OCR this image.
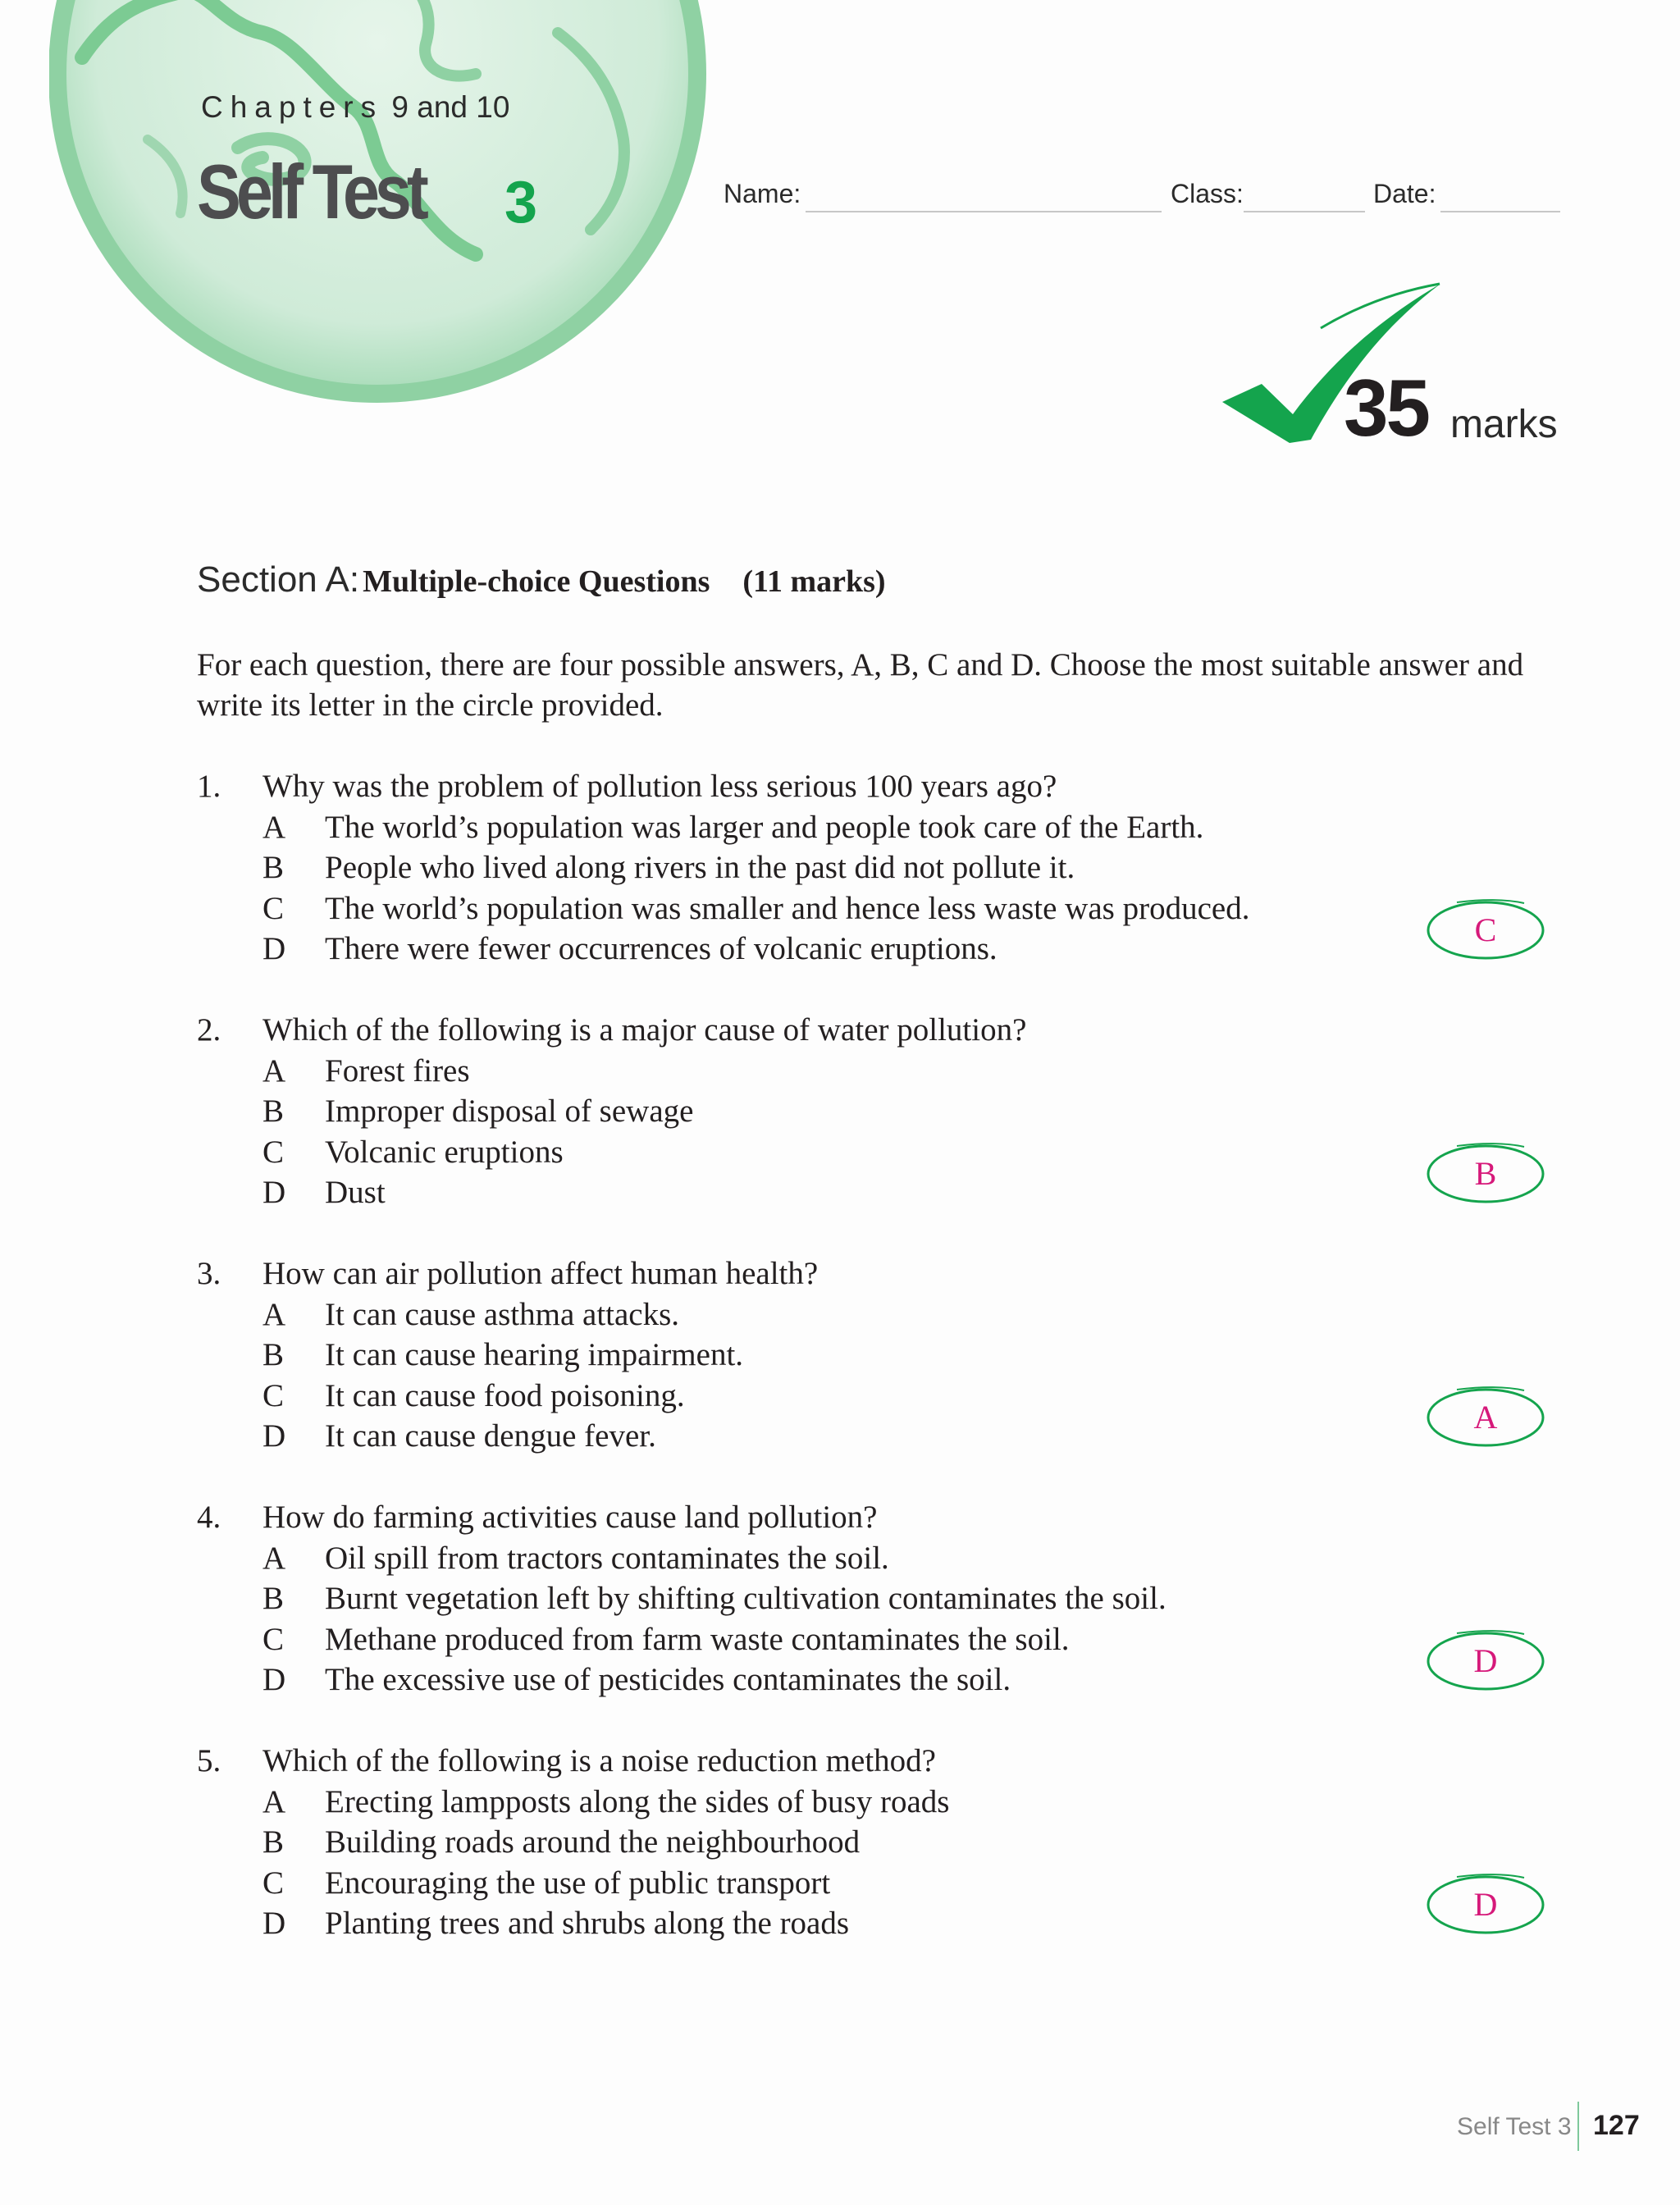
Chapters 9 and 10
Self Test 3	Name:	Class:	Date:
35 marks
Section A: Multiple-choice Questions (11 marks)
For each question, there are four possible answers, A, B, C and D. Choose the most suitable answer and write its letter in the circle provided.
1.	Why was the problem of pollution less serious 100 years ago?
A	The world’s population was larger and people took care of the Earth.
B	People who lived along rivers in the past did not pollute it.
C	The world’s population was smaller and hence less waste was produced.
D	There were fewer occurrences of volcanic eruptions.
2.	Which of the following is a major cause of water pollution?
A	Forest fires
B	Improper disposal of sewage
C	Volcanic eruptions
D	Dust
3.	How can air pollution affect human health?
A	It can cause asthma attacks.
B	It can cause hearing impairment.
C	It can cause food poisoning.
D	It can cause dengue fever.
4.	How do farming activities cause land pollution?
A	Oil spill from tractors contaminates the soil.
B	Burnt vegetation left by shifting cultivation contaminates the soil.
C	Methane produced from farm waste contaminates the soil.
D	The excessive use of pesticides contaminates the soil.
5.	Which of the following is a noise reduction method?
A	Erecting lampposts along the sides of busy roads
B	Building roads around the neighbourhood
C	Encouraging the use of public transport
D	Planting trees and shrubs along the roads
C
B
A
D
D
Self Test 3 127
